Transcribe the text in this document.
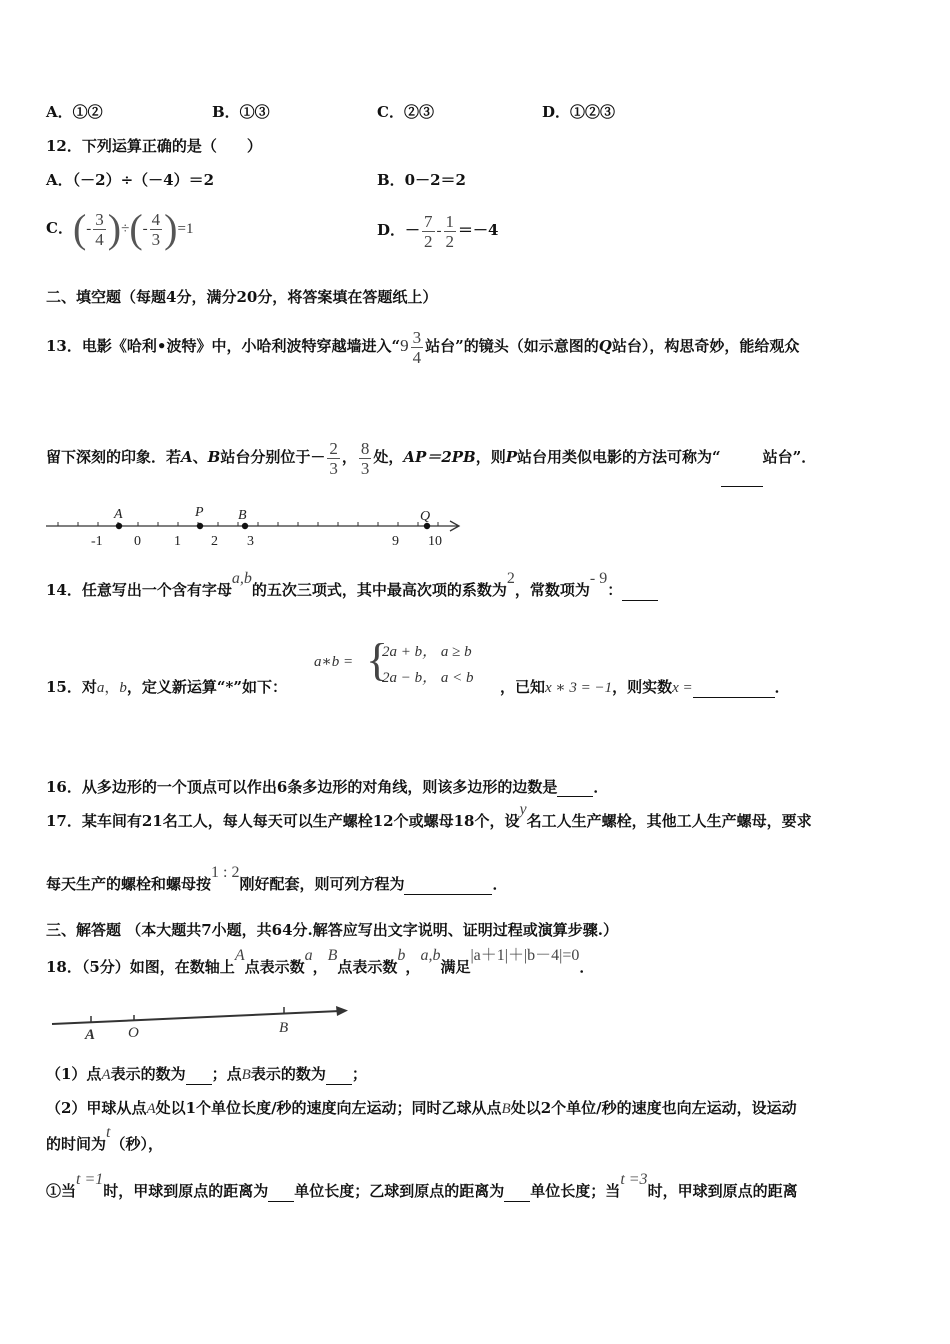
A．①②	B．①③	C．②③	D．①②③
12．下列运算正确的是（　　）
A．（－2）÷（－4）＝2	B．0－2＝2
C．(- $\frac{3}{4}$ )÷(- $\frac{4}{3} )=1$	D．－ $\frac{7}{2} - \frac{1}{2} =-4$
二、填空题（每题4分，满分20分，将答案填在答题纸上）
13．电影《哈利•波特》中，小哈利波特穿越墙进入“$9 \frac{3}{4}$ 站台”的镜头（如示意图的Q站台），构思奇妙，能给观众
留下深刻的印象．若A、B站台分别位于－ $\frac{2}{3}$ ， $\frac{8}{3}$ 处，AP＝2PB，则P站台用类似电影的方法可称为“	站台”．
A	P B	Q
-1 0 1 2 3	9 10
14．任意写出一个含有字母a,b的五次三项式，其中最高次项的系数为2，常数项为- 9：
15．对a，b，定义新运算“*”如下：
a∗b = {
2a + b， a ≥ b
2a − b， a < b ，已知x ∗ 3 = −1，则实数x =	．
16．从多边形的一个顶点可以作出6条多边形的对角线，则该多边形的边数是 ．
17．某车间有21名工人，每人每天可以生产螺栓12个或螺母18个，设y名工人生产螺栓，其他工人生产螺母，要求
每天生产的螺栓和螺母按1 : 2刚好配套，则可列方程为	．
三、解答题 （本大题共7小题，共64分.解答应写出文字说明、证明过程或演算步骤.）
18．（5分）如图，在数轴上A点表示数a，B点表示数b，a,b满足|a＋1|＋|b－4|=0．
A O	B
（1）点A表示的数为 ；点B表示的数为 ；
（2）甲球从点A处以1个单位长度/秒的速度向左运动；同时乙球从点B处以2个单位/秒的速度也向左运动，设运动
的时间为t（秒），
①当t =1时，甲球到原点的距离为 单位长度；乙球到原点的距离为 单位长度；当t =3时，甲球到原点的距离
